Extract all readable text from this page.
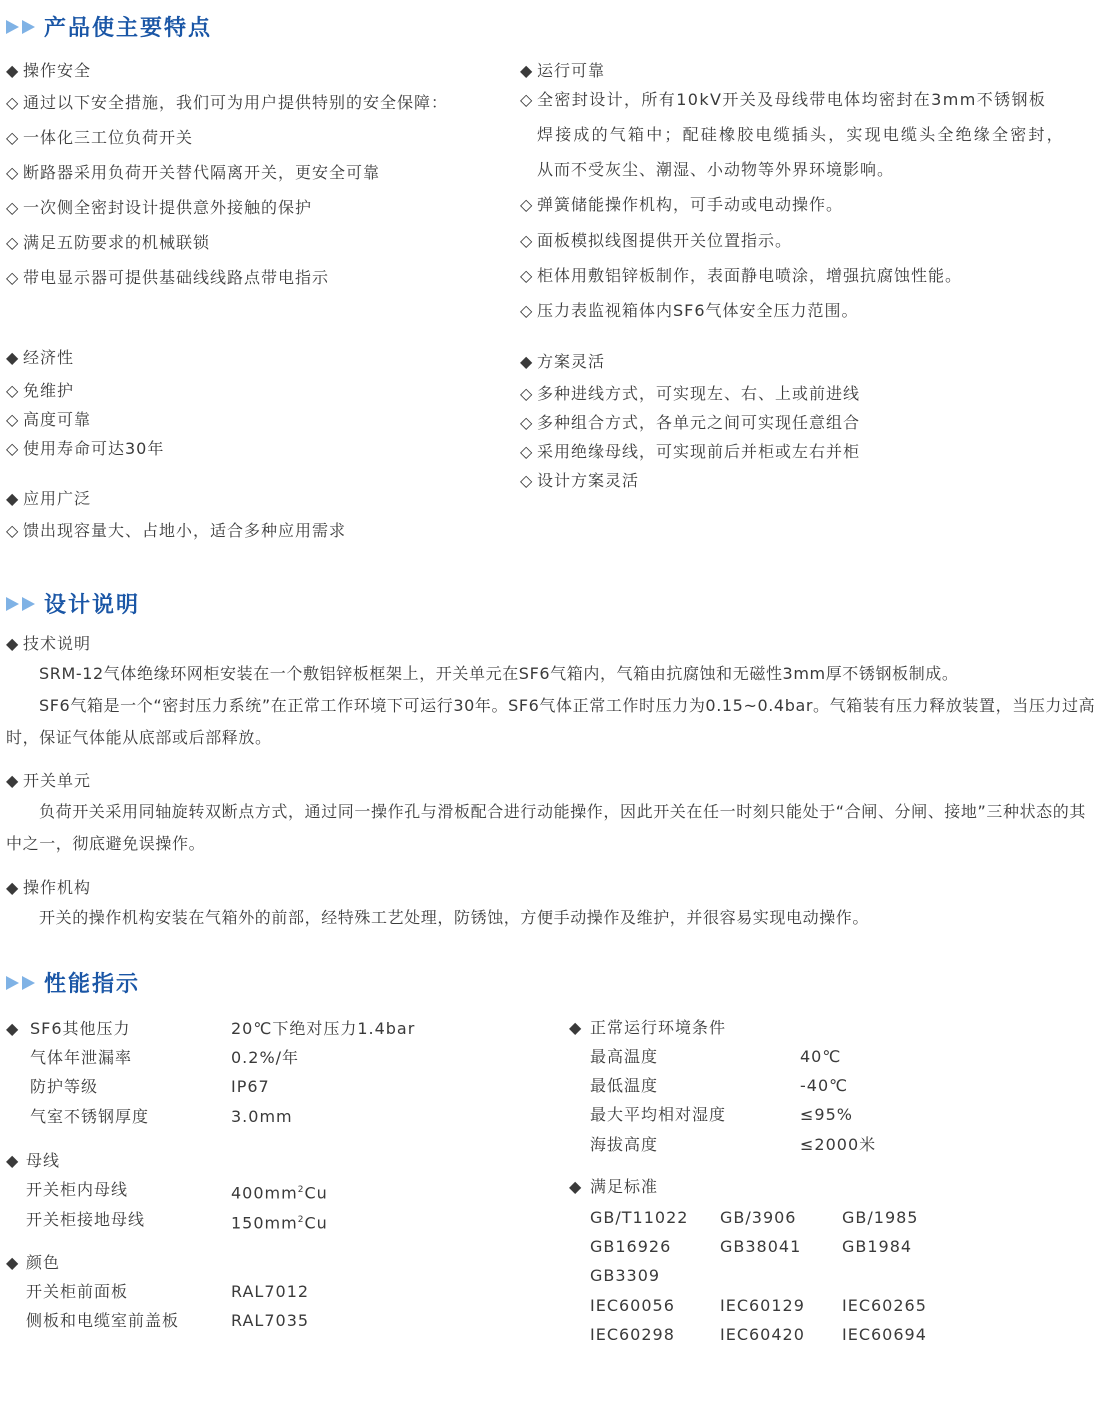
产品使主要特点
◆ 操作安全
◇ 通过以下安全措施，我们可为用户提供特别的安全保障：
◇ 一体化三工位负荷开关
◇ 断路器采用负荷开关替代隔离开关，更安全可靠
◇ 一次侧全密封设计提供意外接触的保护
◇ 满足五防要求的机械联锁
◇ 带电显示器可提供基础线线路点带电指示
◆ 经济性
◇ 免维护
◇ 高度可靠
◇ 使用寿命可达30年
◆ 应用广泛
◇ 馈出现容量大、占地小，适合多种应用需求
◆ 运行可靠
◇ 全密封设计，所有10kV开关及母线带电体均密封在3mm不锈钢板
焊接成的气箱中；配硅橡胶电缆插头，实现电缆头全绝缘全密封，
从而不受灰尘、潮湿、小动物等外界环境影响。
◇ 弹簧储能操作机构，可手动或电动操作。
◇ 面板模拟线图提供开关位置指示。
◇ 柜体用敷铝锌板制作，表面静电喷涂，增强抗腐蚀性能。
◇ 压力表监视箱体内SF6气体安全压力范围。
◆ 方案灵活
◇ 多种进线方式，可实现左、右、上或前进线
◇ 多种组合方式，各单元之间可实现任意组合
◇ 采用绝缘母线，可实现前后并柜或左右并柜
◇ 设计方案灵活
设计说明
◆ 技术说明
SRM-12气体绝缘环网柜安装在一个敷铝锌板框架上，开关单元在SF6气箱内，气箱由抗腐蚀和无磁性3mm厚不锈钢板制成。
SF6气箱是一个“密封压力系统”在正常工作环境下可运行30年。SF6气体正常工作时压力为0.15~0.4bar。气箱装有压力释放装置，当压力过高时，保证气体能从底部或后部释放。
◆ 开关单元
负荷开关采用同轴旋转双断点方式，通过同一操作孔与滑板配合进行动能操作，因此开关在任一时刻只能处于“合闸、分闸、接地”三种状态的其中之一，彻底避免误操作。
◆ 操作机构
开关的操作机构安装在气箱外的前部，经特殊工艺处理，防锈蚀，方便手动操作及维护，并很容易实现电动操作。
性能指示
◆ SF6其他压力	20℃下绝对压力1.4bar
气体年泄漏率	0.2%/年
防护等级	IP67
气室不锈钢厚度	3.0mm
◆ 母线
开关柜内母线	$400mm^2Cu$
开关柜接地母线	$150mm^2Cu$
◆ 颜色
开关柜前面板	RAL7012
侧板和电缆室前盖板	RAL7035
◆ 正常运行环境条件
最高温度	40℃
最低温度	-40℃
最大平均相对湿度	≤95%
海拔高度	≤2000米
◆ 满足标准
GB/T11022 GB/3906	GB/1985
GB16926	GB38041	GB1984
GB3309
IEC60056	IEC60129 IEC60265
IEC60298	IEC60420 IEC60694
